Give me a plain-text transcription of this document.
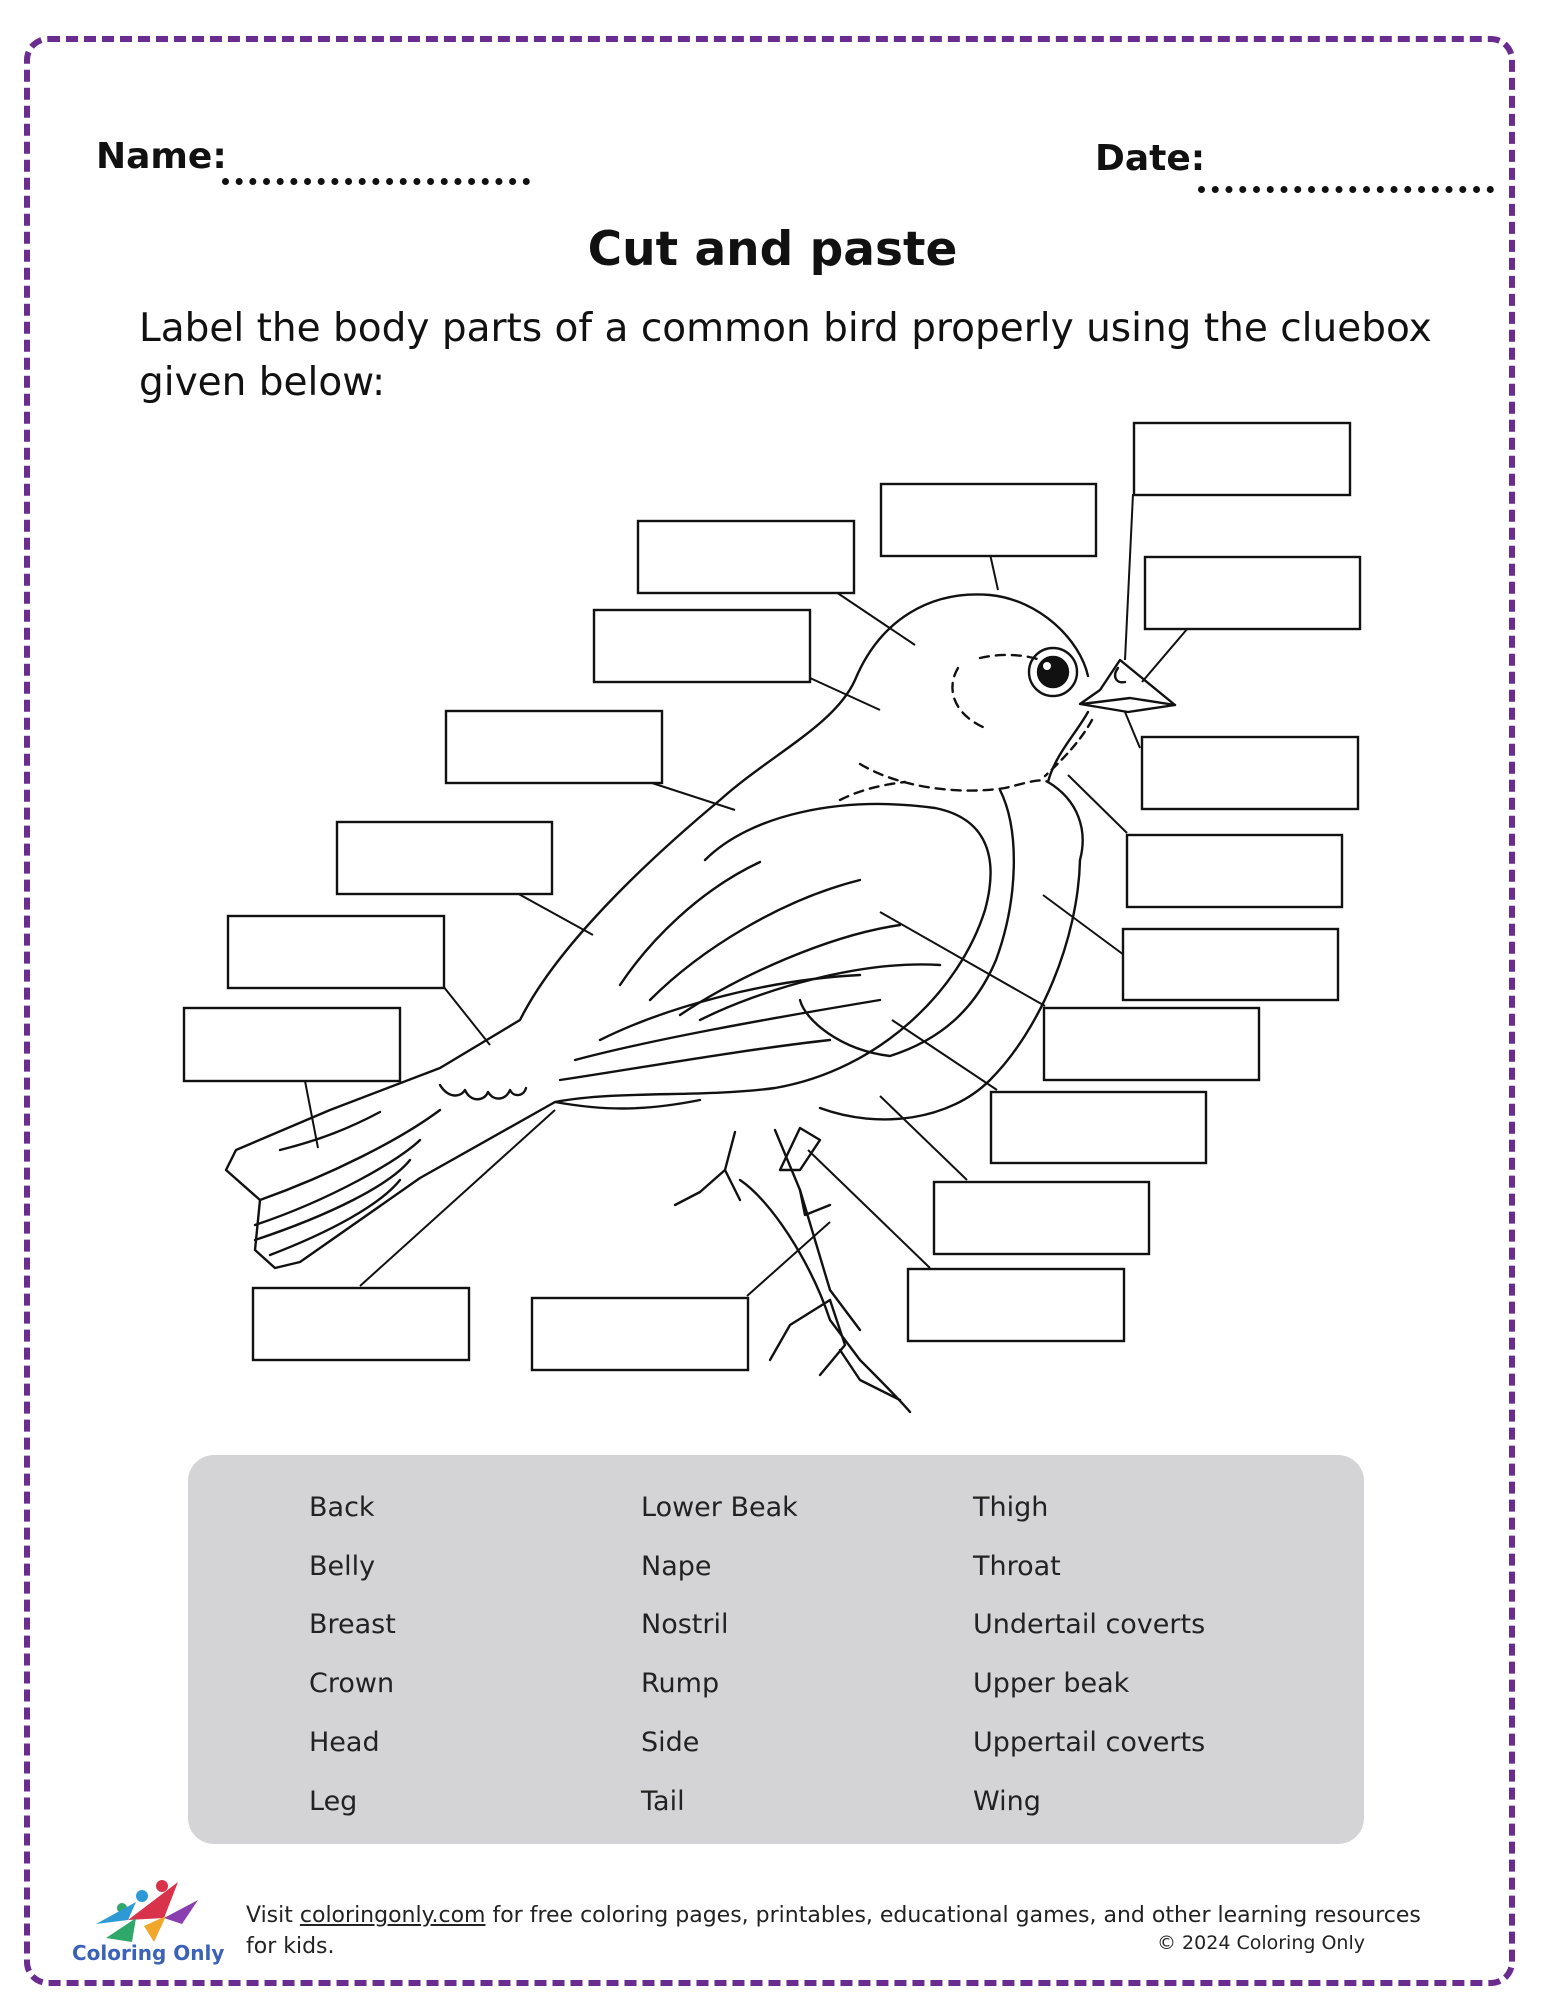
Name:	Date:
Cut and paste
Label the body parts of a common bird properly using the cluebox given below:
Back
Belly
Breast
Crown
Head
Leg
Lower Beak
Nape
Nostril
Rump
Side
Tail
Thigh
Throat
Undertail coverts
Upper beak
Uppertail coverts
Wing
Coloring Only
Visit coloringonly.com for free coloring pages, printables, educational games, and other learning resources for kids.	© 2024 Coloring Only
